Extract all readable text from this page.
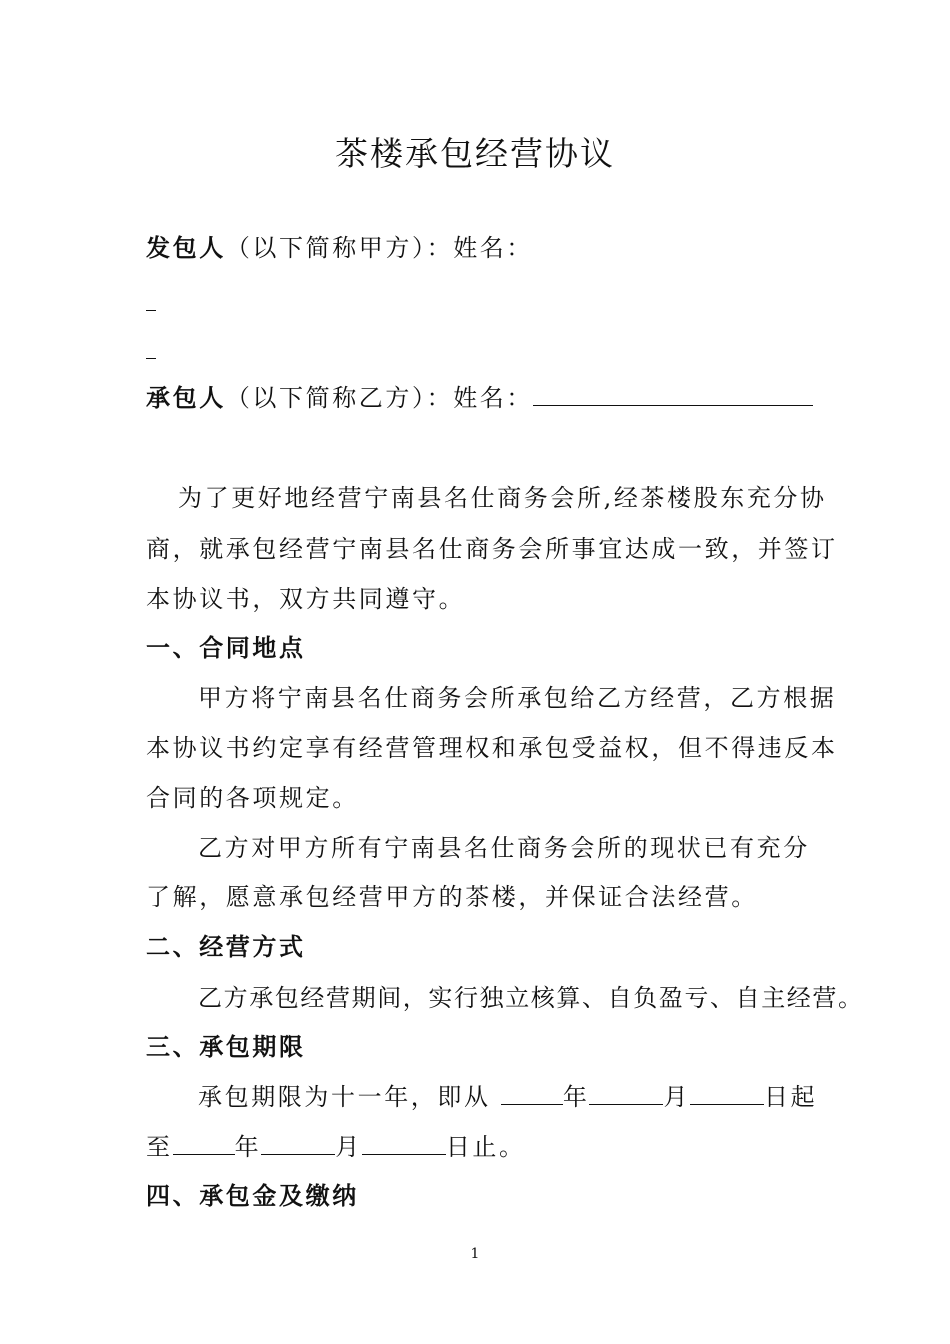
茶楼承包经营协议
发包人（以下简称甲方）：姓名：
承包人（以下简称乙方）：姓名：
为了更好地经营宁南县名仕商务会所,经茶楼股东充分协
商，就承包经营宁南县名仕商务会所事宜达成一致，并签订
本协议书，双方共同遵守。
一、合同地点
甲方将宁南县名仕商务会所承包给乙方经营，乙方根据
本协议书约定享有经营管理权和承包受益权，但不得违反本
合同的各项规定。
乙方对甲方所有宁南县名仕商务会所的现状已有充分
了解，愿意承包经营甲方的茶楼，并保证合法经营。
二、经营方式
乙方承包经营期间，实行独立核算、自负盈亏、自主经营。
三、承包期限
承包期限为十一年，即从	年	月	日起
至	年	月	日止。
四、承包金及缴纳
1
